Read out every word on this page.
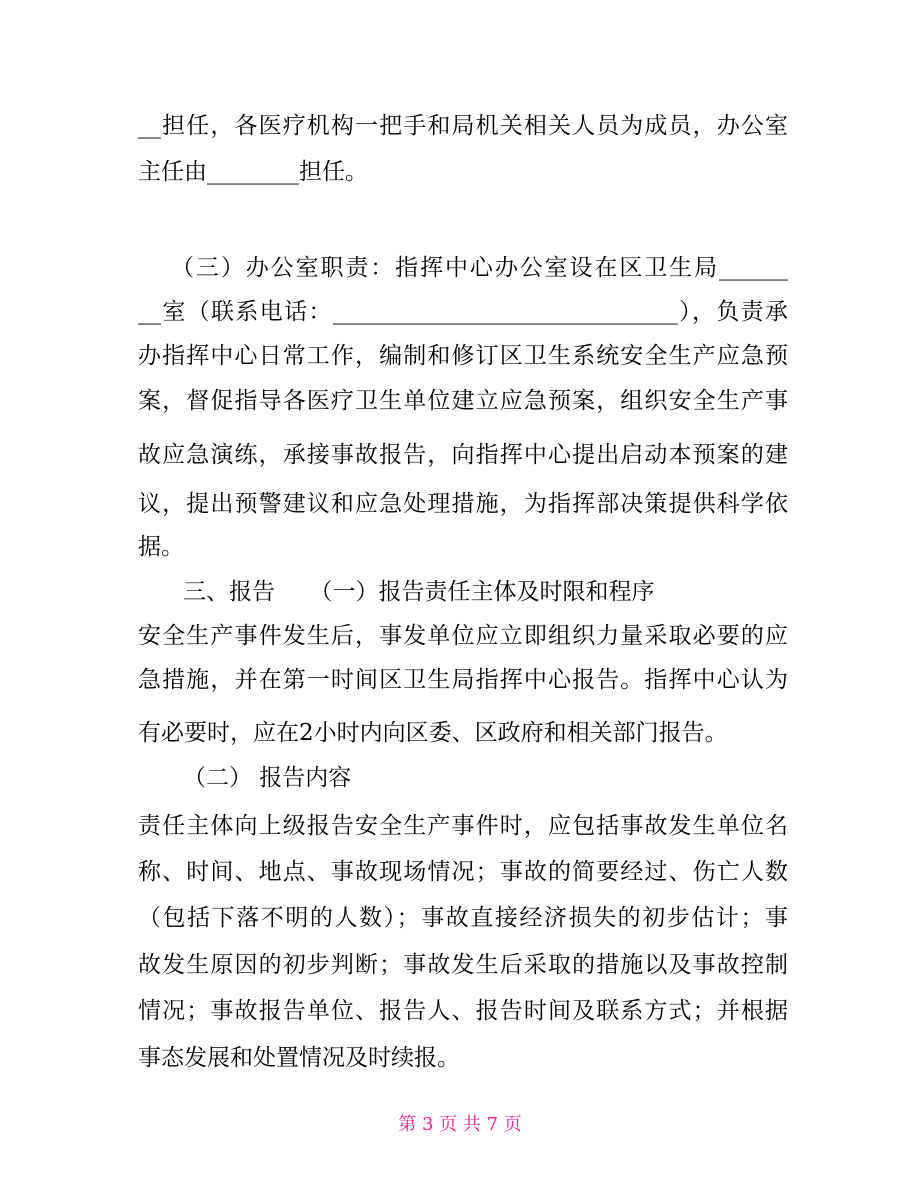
__担任，各医疗机构一把手和局机关相关人员为成员，办公室
主任由________担任。
（三）办公室职责：指挥中心办公室设在区卫生局______
__室（联系电话：______________________________），负责承
办指挥中心日常工作，编制和修订区卫生系统安全生产应急预
案，督促指导各医疗卫生单位建立应急预案，组织安全生产事
故应急演练，承接事故报告，向指挥中心提出启动本预案的建
议，提出预警建议和应急处理措施，为指挥部决策提供科学依
据。
三、报告　　（一）报告责任主体及时限和程序
安全生产事件发生后，事发单位应立即组织力量采取必要的应
急措施，并在第一时间区卫生局指挥中心报告。指挥中心认为
有必要时，应在2小时内向区委、区政府和相关部门报告。
（二） 报告内容
责任主体向上级报告安全生产事件时，应包括事故发生单位名
称、时间、地点、事故现场情况；事故的简要经过、伤亡人数
（包括下落不明的人数）；事故直接经济损失的初步估计；事
故发生原因的初步判断；事故发生后采取的措施以及事故控制
情况；事故报告单位、报告人、报告时间及联系方式；并根据
事态发展和处置情况及时续报。
第 3 页 共 7 页
